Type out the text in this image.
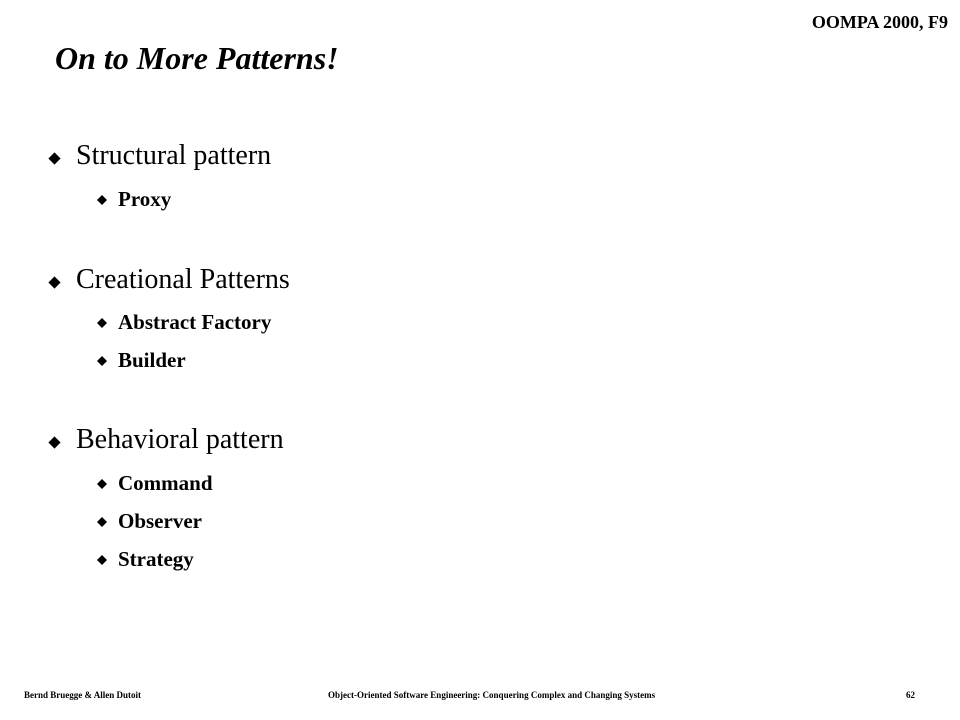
OOMPA 2000, F9
On to More Patterns!
Structural pattern
Proxy
Creational Patterns
Abstract Factory
Builder
Behavioral pattern
Command
Observer
Strategy
Bernd Bruegge & Allen Dutoit	Object-Oriented Software Engineering: Conquering Complex and Changing Systems	62
